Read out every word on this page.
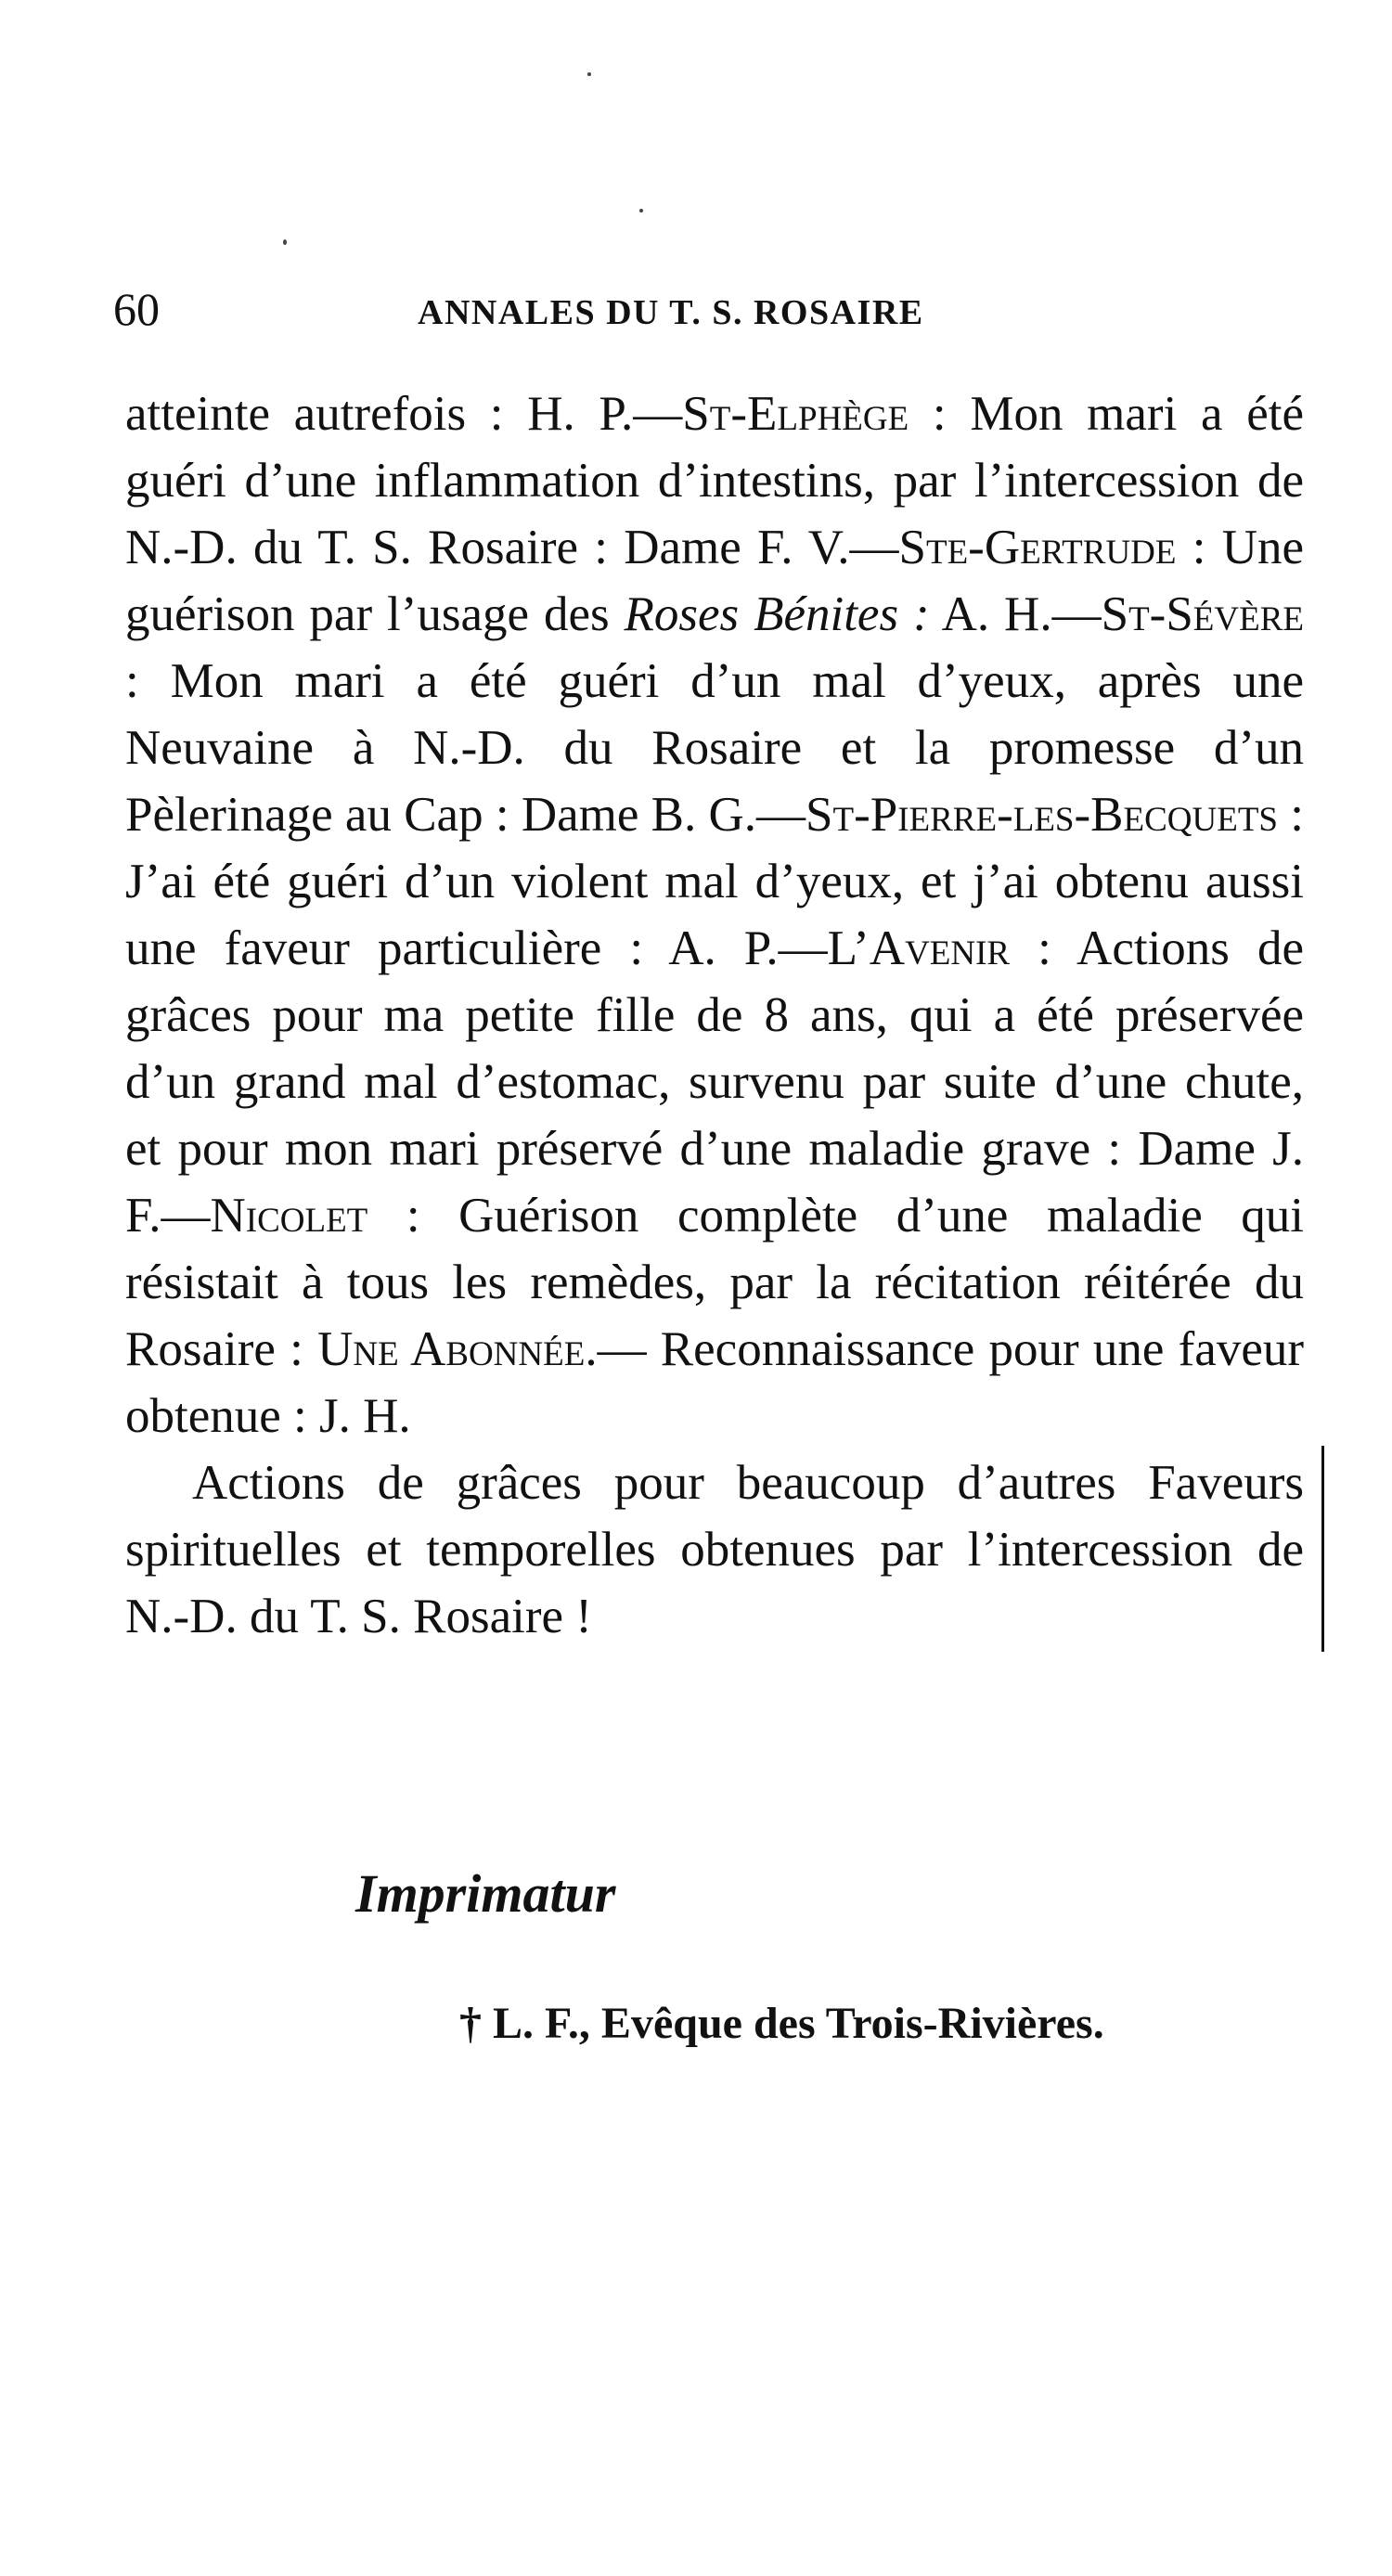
60	ANNALES DU T. S. ROSAIRE

atteinte autrefois : H. P.—St-Elphège : Mon mari a été guéri d’une inflammation d’intestins, par l’intercession de N.-D. du T. S. Rosaire : Dame F. V.—Ste-Gertrude : Une guérison par l’usage des Roses Bénites : A. H.—St-Sévère : Mon mari a été guéri d’un mal d’yeux, après une Neuvaine à N.-D. du Rosaire et la promesse d’un Pèlerinage au Cap : Dame B. G.—St-Pierre-les-Becquets : J’ai été guéri d’un violent mal d’yeux, et j’ai obtenu aussi une faveur particulière : A. P.—L’Avenir : Actions de grâces pour ma petite fille de 8 ans, qui a été préservée d’un grand mal d’estomac, survenu par suite d’une chute, et pour mon mari préservé d’une maladie grave : Dame J. F.—Nicolet : Guérison complète d’une maladie qui résistait à tous les remèdes, par la récitation réitérée du Rosaire : Une Abonnée.— Reconnaissance pour une faveur obtenue : J. H.

Actions de grâces pour beaucoup d’autres Faveurs spirituelles et temporelles obtenues par l’intercession de N.-D. du T. S. Rosaire !

Imprimatur
† L. F., Evêque des Trois-Rivières.
